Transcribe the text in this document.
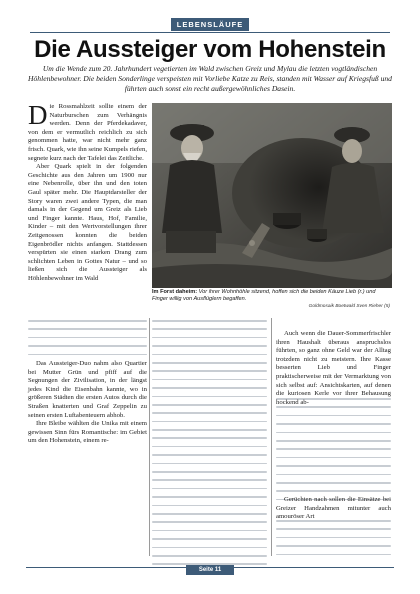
LEBENSLÄUFE
Die Aussteiger vom Hohenstein
Um die Wende zum 20. Jahrhundert vegetierten im Wald zwischen Greiz und Mylau die letzten vogtländischen Höhlenbewohner. Die beiden Sonderlinge verspeisten mit Vorliebe Katze zu Reis, standen mit Wasser auf Kriegsfuß und führten auch sonst ein recht außergewöhnliches Dasein.

Die Rossmahlzeit sollte einem der Naturburschen zum Verhängnis werden. Denn der Pferdekadaver, von dem er vermutlich reichlich zu sich genommen hatte, war nicht mehr ganz frisch. Quark, wie ihn seine Kumpels riefen, segnete kurz nach der Tafelei das Zeitliche.

Aber Quark spielt in der folgenden Geschichte aus den Jahren um 1900 nur eine Nebenrolle, über ihn und den toten Gaul später mehr. Die Hauptdarsteller der Story waren zwei andere Typen, die man damals in der Gegend um Greiz als Lieb und Finger kannte. Haus, Hof, Familie, Kinder – mit den Wertvorstellungen ihrer Zeitgenossen konnten die beiden Eigenbrödler nichts anfangen. Stattdessen verspürten sie einen starken Drang zum schlichten Leben in Gottes Natur – und so ließen sich die Aussteiger als Höhlenbewohner im Wald

Im Forst daheim: Vor ihrer Wohnhöhle sitzend, hoffen sich die beiden Käuze Lieb (r.) und Finger willig von Ausflüglern begaffen.
Goldmosaik Boetwald Sven Rieher (5)

Das Aussteiger-Duo nahm also Quartier bei Mutter Grün und pfiff auf die Segnungen der Zivilisation, in der längst jedes Kind die Eisenbahn kannte, wo in größeren Städten die ersten Autos durch die Straßen knatterten und Graf Zeppelin zu seinen ersten Luftabenteuern abhob.

Ihre Bleibe wählten die Unika mit einem gewissen Sinn fürs Romantische: im Gebiet um den Hohenstein, einem re-

Auch wenn die Dauer-Sommerfrischler ihren Haushalt überaus anspruchslos führten, so ganz ohne Geld war der Alltag trotzdem nicht zu meistern. Ihre Kasse besserten Lieb und Finger praktischerweise mit der Vermarktung von sich selbst auf: Ansichtskarten, auf denen die kuriosen Kerle vor ihrer Behausung hockend ab-

Gerüchten nach sollen die Einsätze bei Greizer Handzahmen mitunter auch amouröser Art

Seite 11
